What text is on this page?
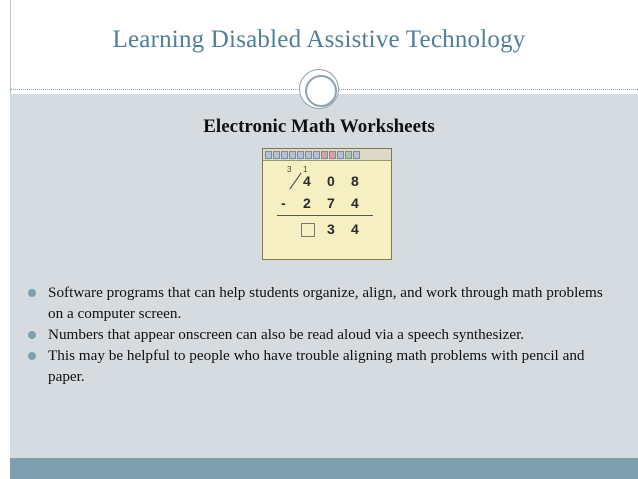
Learning Disabled Assistive Technology
Electronic Math Worksheets
3 1
4 0 8
- 2 7 4
3 4
Software programs that can help students organize, align, and work through math problems on a computer screen.
Numbers that appear onscreen can also be read aloud via a speech synthesizer.
This may be helpful to people who have trouble aligning math problems with pencil and paper.
